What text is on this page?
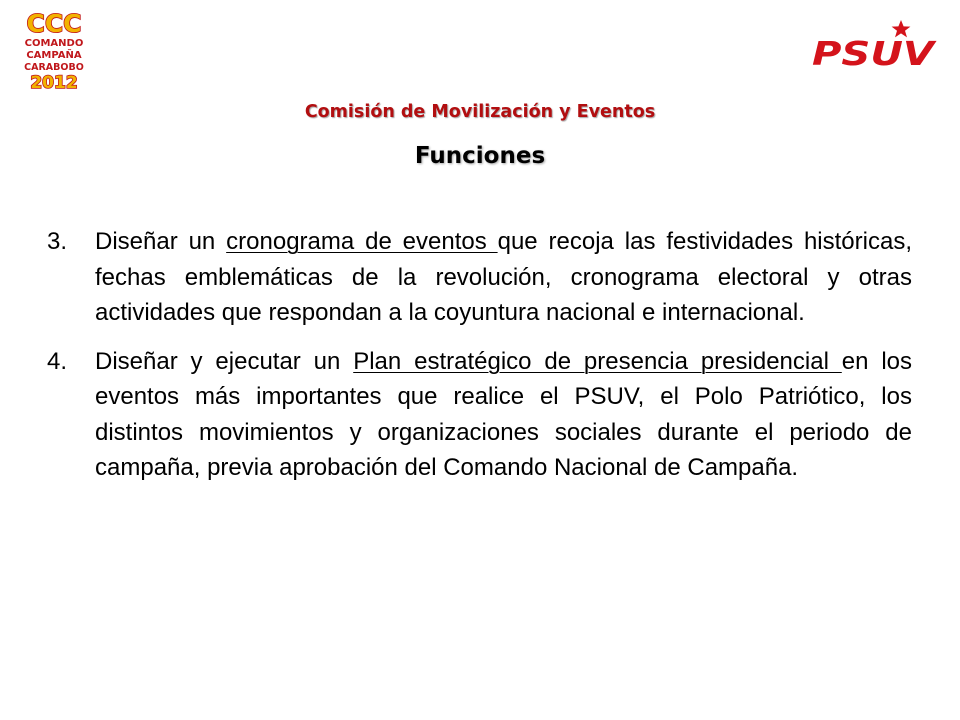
CCC
COMANDO
CAMPAÑA
CARABOBO
2012
PSUV
Comisión de Movilización y Eventos
Funciones
3. Diseñar un cronograma de eventos que recoja las festividades históricas, fechas emblemáticas de la revolución, cronograma electoral y otras actividades que respondan a la coyuntura nacional e internacional.
4. Diseñar y ejecutar un Plan estratégico de presencia presidencial en los eventos más importantes que realice el PSUV, el Polo Patriótico, los distintos movimientos y organizaciones sociales durante el periodo de campaña, previa aprobación del Comando Nacional de Campaña.
